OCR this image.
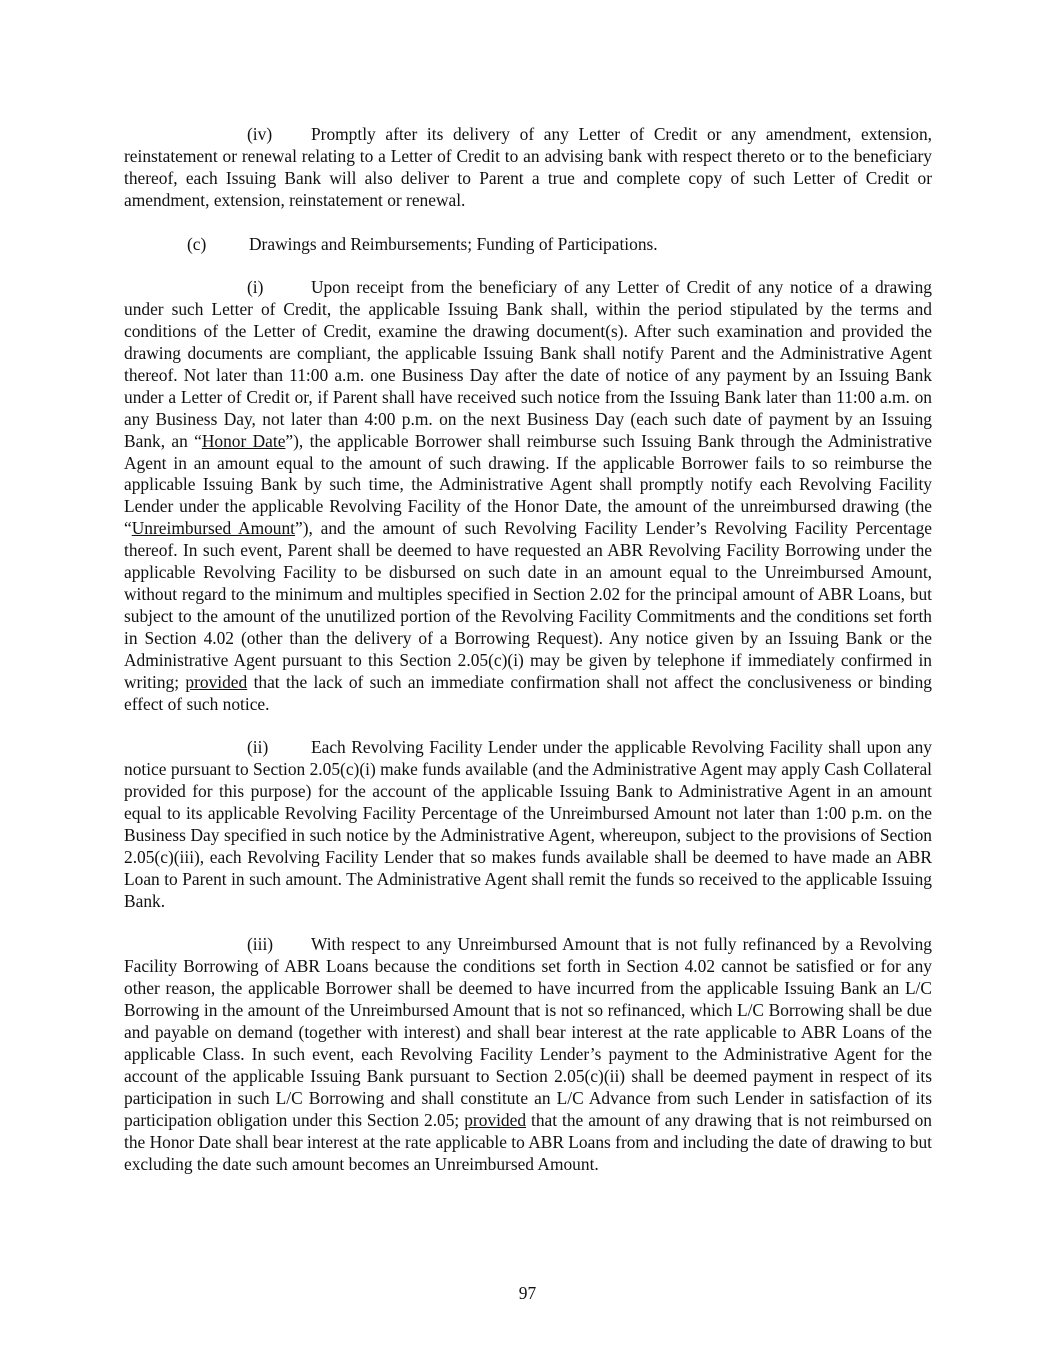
(iv) Promptly after its delivery of any Letter of Credit or any amendment, extension, reinstatement or renewal relating to a Letter of Credit to an advising bank with respect thereto or to the beneficiary thereof, each Issuing Bank will also deliver to Parent a true and complete copy of such Letter of Credit or amendment, extension, reinstatement or renewal.

(c) Drawings and Reimbursements; Funding of Participations.

(i)	Upon receipt from the beneficiary of any Letter of Credit of any notice of a drawing under such Letter of Credit, the applicable Issuing Bank shall, within the period stipulated by the terms and conditions of the Letter of Credit, examine the drawing document(s). After such examination and provided the drawing documents are compliant, the applicable Issuing Bank shall notify Parent and the Administrative Agent thereof. Not later than 11:00 a.m. one Business Day after the date of notice of any payment by an Issuing Bank under a Letter of Credit or, if Parent shall have received such notice from the Issuing Bank later than 11:00 a.m. on any Business Day, not later than 4:00 p.m. on the next Business Day (each such date of payment by an Issuing Bank, an “Honor Date”), the applicable Borrower shall reimburse such Issuing Bank through the Administrative Agent in an amount equal to the amount of such drawing. If the applicable Borrower fails to so reimburse the applicable Issuing Bank by such time, the Administrative Agent shall promptly notify each Revolving Facility Lender under the applicable Revolving Facility of the Honor Date, the amount of the unreimbursed drawing (the “Unreimbursed Amount”), and the amount of such Revolving Facility Lender’s Revolving Facility Percentage thereof. In such event, Parent shall be deemed to have requested an ABR Revolving Facility Borrowing under the applicable Revolving Facility to be disbursed on such date in an amount equal to the Unreimbursed Amount, without regard to the minimum and multiples specified in Section 2.02 for the principal amount of ABR Loans, but subject to the amount of the unutilized portion of the Revolving Facility Commitments and the conditions set forth in Section 4.02 (other than the delivery of a Borrowing Request). Any notice given by an Issuing Bank or the Administrative Agent pursuant to this Section 2.05(c)(i) may be given by telephone if immediately confirmed in writing; provided that the lack of such an immediate confirmation shall not affect the conclusiveness or binding effect of such notice.

(ii) Each Revolving Facility Lender under the applicable Revolving Facility shall upon any notice pursuant to Section 2.05(c)(i) make funds available (and the Administrative Agent may apply Cash Collateral provided for this purpose) for the account of the applicable Issuing Bank to Administrative Agent in an amount equal to its applicable Revolving Facility Percentage of the Unreimbursed Amount not later than 1:00 p.m. on the Business Day specified in such notice by the Administrative Agent, whereupon, subject to the provisions of Section 2.05(c)(iii), each Revolving Facility Lender that so makes funds available shall be deemed to have made an ABR Loan to Parent in such amount. The Administrative Agent shall remit the funds so received to the applicable Issuing Bank.

(iii) With respect to any Unreimbursed Amount that is not fully refinanced by a Revolving Facility Borrowing of ABR Loans because the conditions set forth in Section 4.02 cannot be satisfied or for any other reason, the applicable Borrower shall be deemed to have incurred from the applicable Issuing Bank an L/C Borrowing in the amount of the Unreimbursed Amount that is not so refinanced, which L/C Borrowing shall be due and payable on demand (together with interest) and shall bear interest at the rate applicable to ABR Loans of the applicable Class. In such event, each Revolving Facility Lender’s payment to the Administrative Agent for the account of the applicable Issuing Bank pursuant to Section 2.05(c)(ii) shall be deemed payment in respect of its participation in such L/C Borrowing and shall constitute an L/C Advance from such Lender in satisfaction of its participation obligation under this Section 2.05; provided that the amount of any drawing that is not reimbursed on the Honor Date shall bear interest at the rate applicable to ABR Loans from and including the date of drawing to but excluding the date such amount becomes an Unreimbursed Amount.

97
